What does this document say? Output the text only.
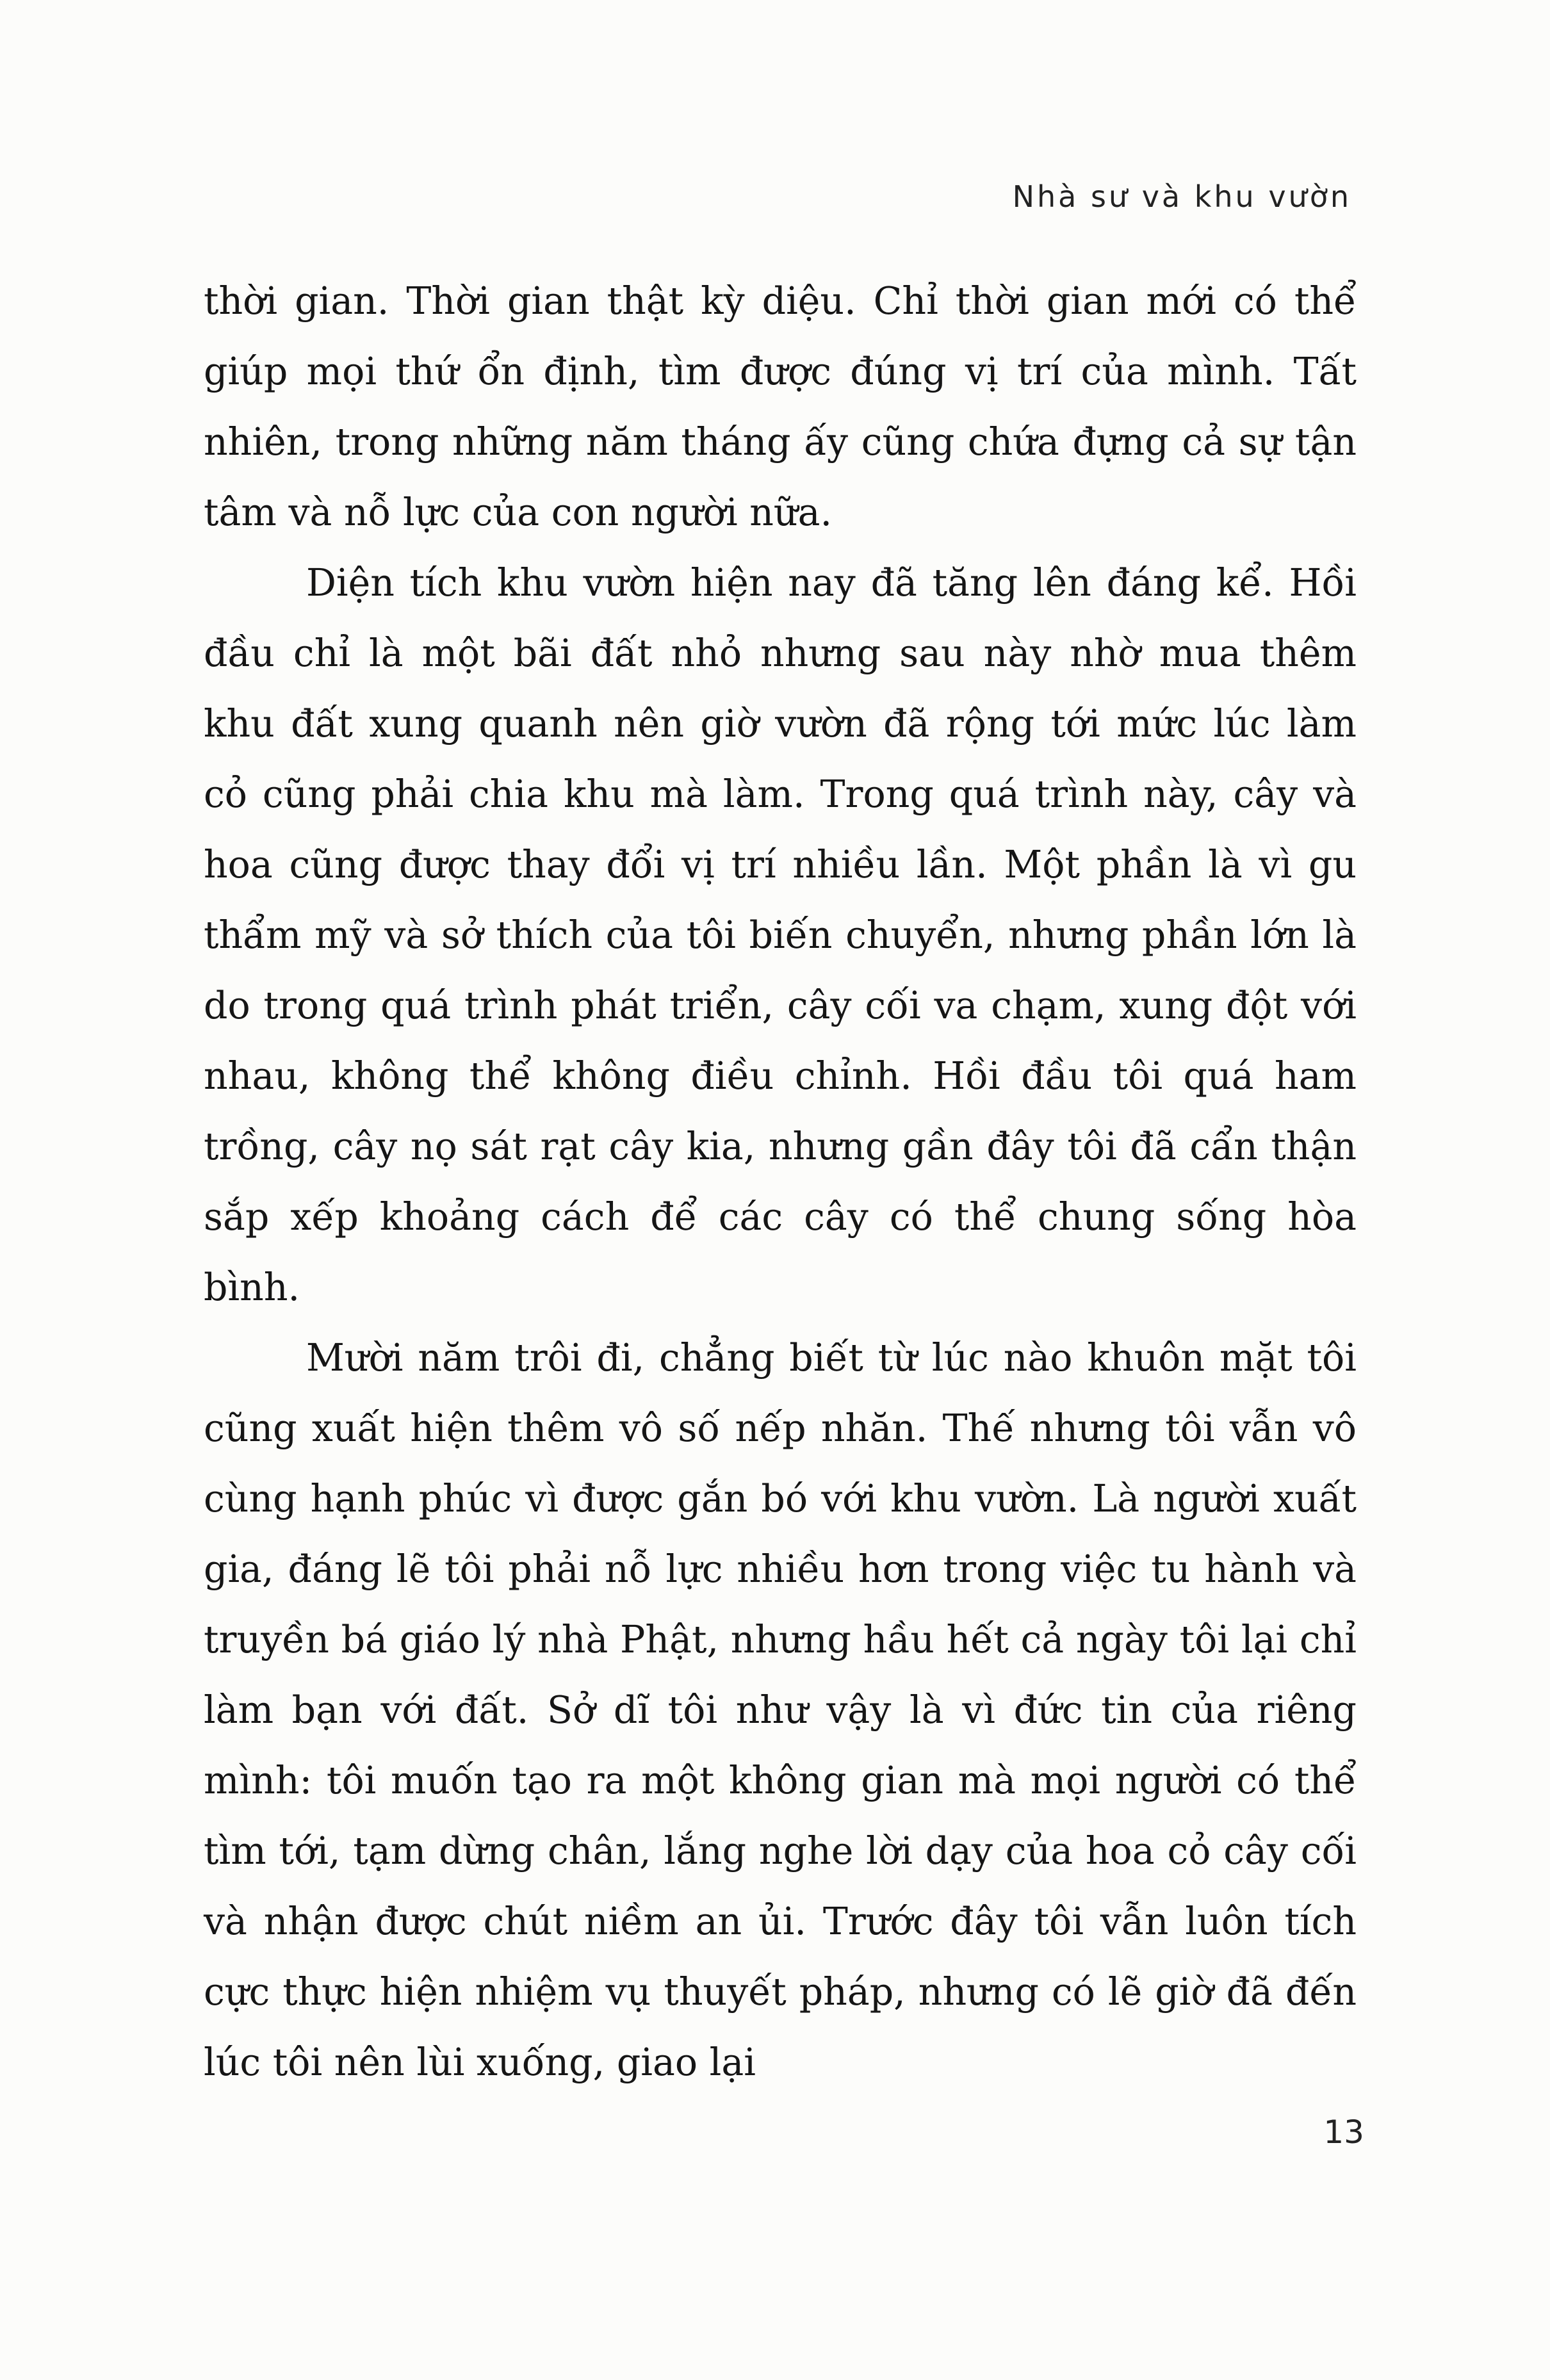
Nhà sư và khu vườn

thời gian. Thời gian thật kỳ diệu. Chỉ thời gian mới có thể giúp mọi thứ ổn định, tìm được đúng vị trí của mình. Tất nhiên, trong những năm tháng ấy cũng chứa đựng cả sự tận tâm và nỗ lực của con người nữa.

Diện tích khu vườn hiện nay đã tăng lên đáng kể. Hồi đầu chỉ là một bãi đất nhỏ nhưng sau này nhờ mua thêm khu đất xung quanh nên giờ vườn đã rộng tới mức lúc làm cỏ cũng phải chia khu mà làm. Trong quá trình này, cây và hoa cũng được thay đổi vị trí nhiều lần. Một phần là vì gu thẩm mỹ và sở thích của tôi biến chuyển, nhưng phần lớn là do trong quá trình phát triển, cây cối va chạm, xung đột với nhau, không thể không điều chỉnh. Hồi đầu tôi quá ham trồng, cây nọ sát rạt cây kia, nhưng gần đây tôi đã cẩn thận sắp xếp khoảng cách để các cây có thể chung sống hòa bình.

Mười năm trôi đi, chẳng biết từ lúc nào khuôn mặt tôi cũng xuất hiện thêm vô số nếp nhăn. Thế nhưng tôi vẫn vô cùng hạnh phúc vì được gắn bó với khu vườn. Là người xuất gia, đáng lẽ tôi phải nỗ lực nhiều hơn trong việc tu hành và truyền bá giáo lý nhà Phật, nhưng hầu hết cả ngày tôi lại chỉ làm bạn với đất. Sở dĩ tôi như vậy là vì đức tin của riêng mình: tôi muốn tạo ra một không gian mà mọi người có thể tìm tới, tạm dừng chân, lắng nghe lời dạy của hoa cỏ cây cối và nhận được chút niềm an ủi. Trước đây tôi vẫn luôn tích cực thực hiện nhiệm vụ thuyết pháp, nhưng có lẽ giờ đã đến lúc tôi nên lùi xuống, giao lại

13
